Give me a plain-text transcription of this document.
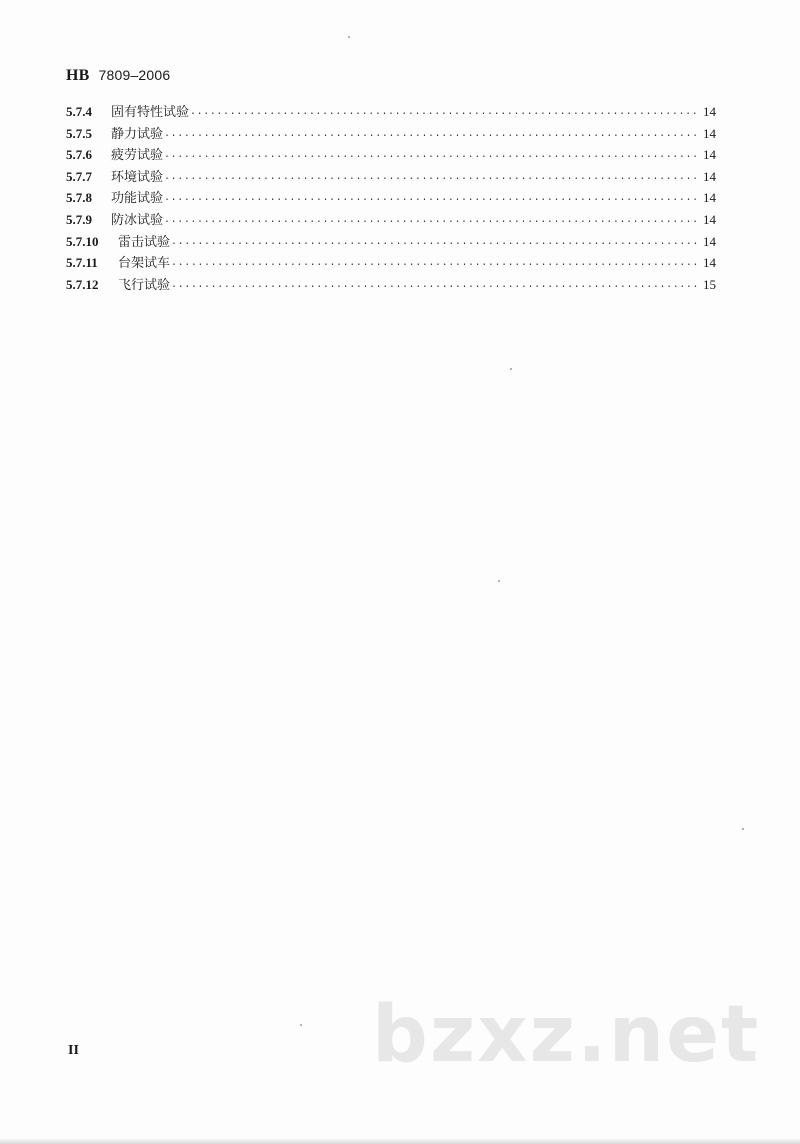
HB 7809–2006
5.7.4	固有特性试验 ·····	14
5.7.5	静力试验 ·····	14
5.7.6	疲劳试验 ·····	14
5.7.7	环境试验 ·····	14
5.7.8	功能试验 ·····	14
5.7.9	防冰试验 ·····	14
5.7.10	雷击试验 ·····	14
5.7.11	台架试车 ·····	14
5.7.12	飞行试验 ·····	15
II	bzxz.net
